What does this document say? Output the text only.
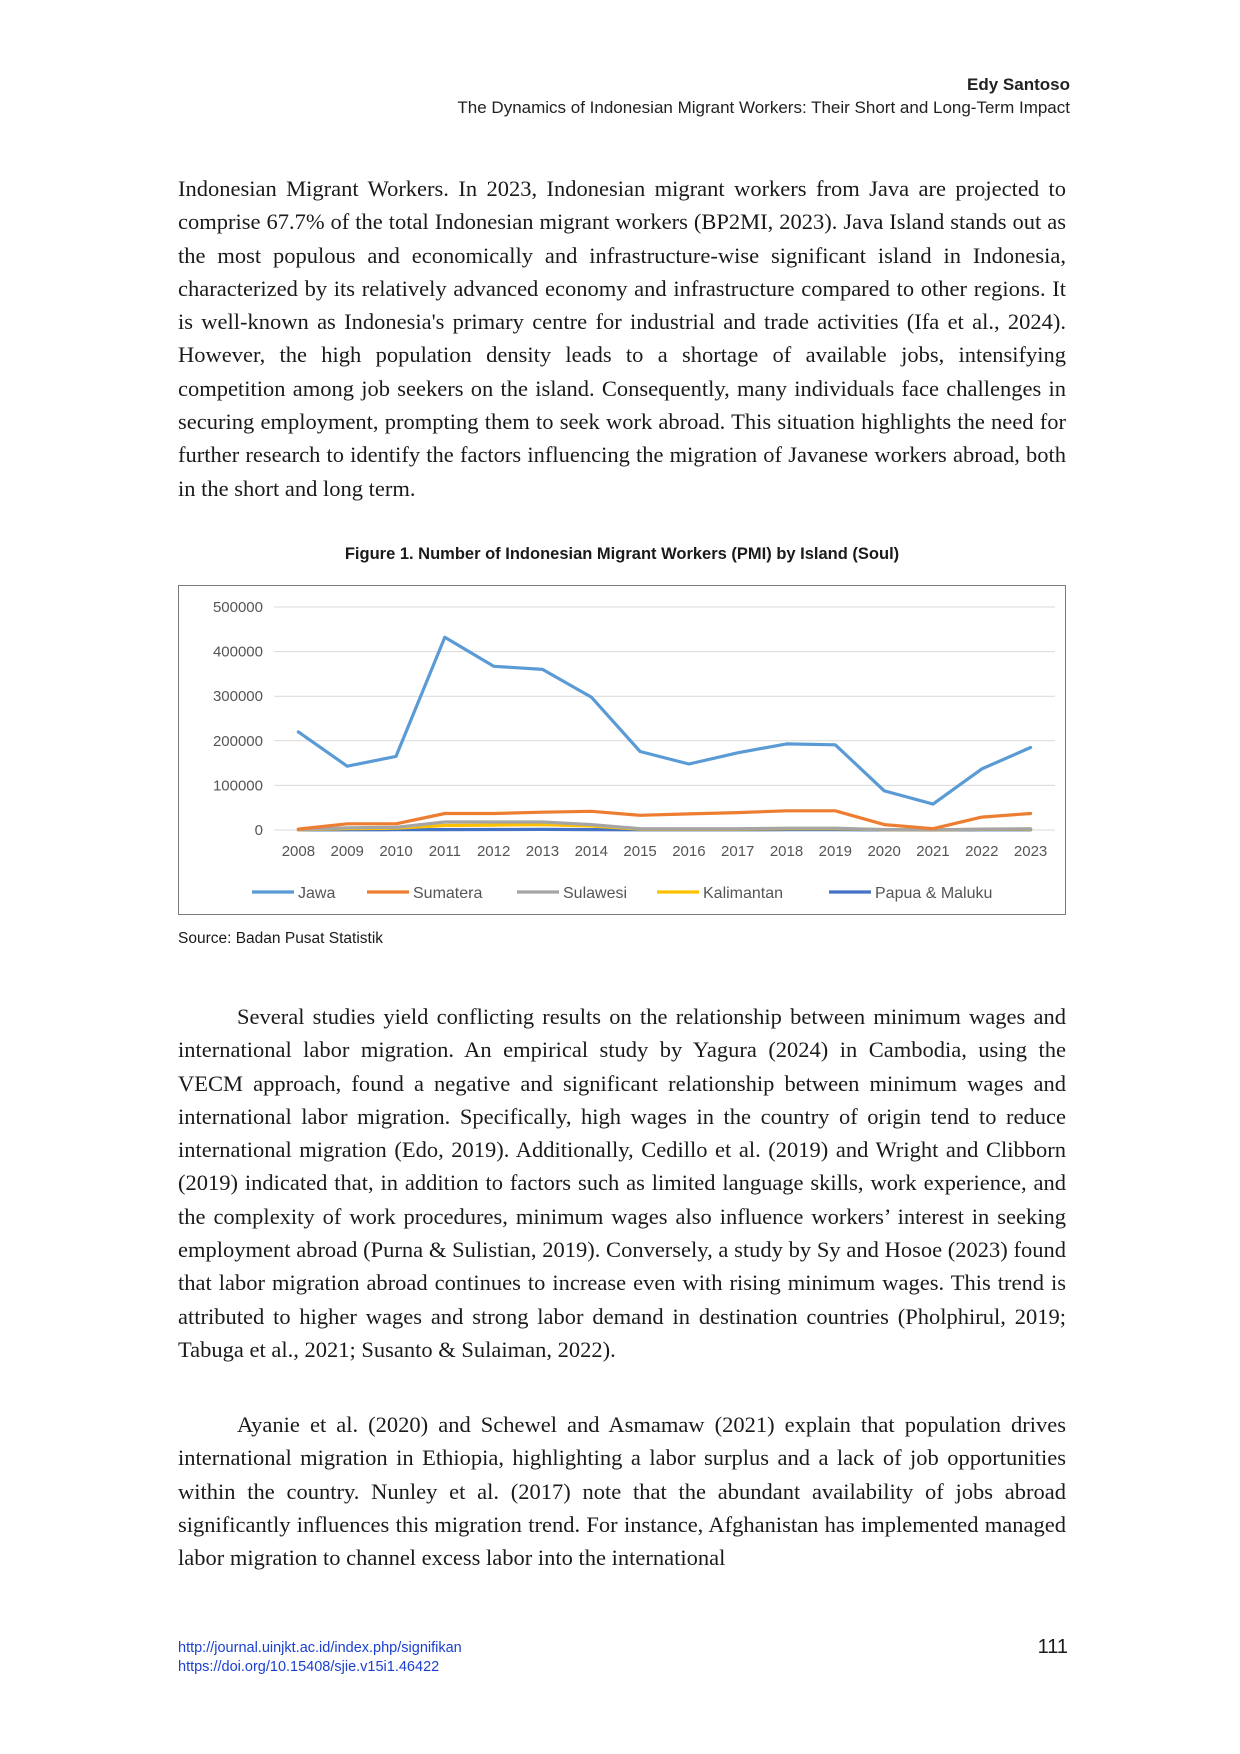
Edy Santoso
The Dynamics of Indonesian Migrant Workers: Their Short and Long-Term Impact

Indonesian Migrant Workers. In 2023, Indonesian migrant workers from Java are projected to comprise 67.7% of the total Indonesian migrant workers (BP2MI, 2023). Java Island stands out as the most populous and economically and infrastructure-wise significant island in Indonesia, characterized by its relatively advanced economy and infrastructure compared to other regions. It is well-known as Indonesia's primary centre for industrial and trade activities (Ifa et al., 2024). However, the high population density leads to a shortage of available jobs, intensifying competition among job seekers on the island. Consequently, many individuals face challenges in securing employment, prompting them to seek work abroad. This situation highlights the need for further research to identify the factors influencing the migration of Javanese workers abroad, both in the short and long term.

Figure 1. Number of Indonesian Migrant Workers (PMI) by Island (Soul)
0
100000
200000
300000
400000
500000
2008 2009 2010 2011 2012 2013 2014 2015 2016 2017 2018 2019 2020 2021 2022 2023
Jawa	Sumatera	Sulawesi	Kalimantan	Papua & Maluku
Source: Badan Pusat Statistik

Several studies yield conflicting results on the relationship between minimum wages and international labor migration. An empirical study by Yagura (2024) in Cambodia, using the VECM approach, found a negative and significant relationship between minimum wages and international labor migration. Specifically, high wages in the country of origin tend to reduce international migration (Edo, 2019). Additionally, Cedillo et al. (2019) and Wright and Clibborn (2019) indicated that, in addition to factors such as limited language skills, work experience, and the complexity of work procedures, minimum wages also influence workers’ interest in seeking employment abroad (Purna & Sulistian, 2019). Conversely, a study by Sy and Hosoe (2023) found that labor migration abroad continues to increase even with rising minimum wages. This trend is attributed to higher wages and strong labor demand in destination countries (Pholphirul, 2019; Tabuga et al., 2021; Susanto & Sulaiman, 2022).

Ayanie et al. (2020) and Schewel and Asmamaw (2021) explain that population drives international migration in Ethiopia, highlighting a labor surplus and a lack of job opportunities within the country. Nunley et al. (2017) note that the abundant availability of jobs abroad significantly influences this migration trend. For instance, Afghanistan has implemented managed labor migration to channel excess labor into the international

http://journal.uinjkt.ac.id/index.php/signifikan
https://doi.org/10.15408/sjie.v15i1.46422
111
